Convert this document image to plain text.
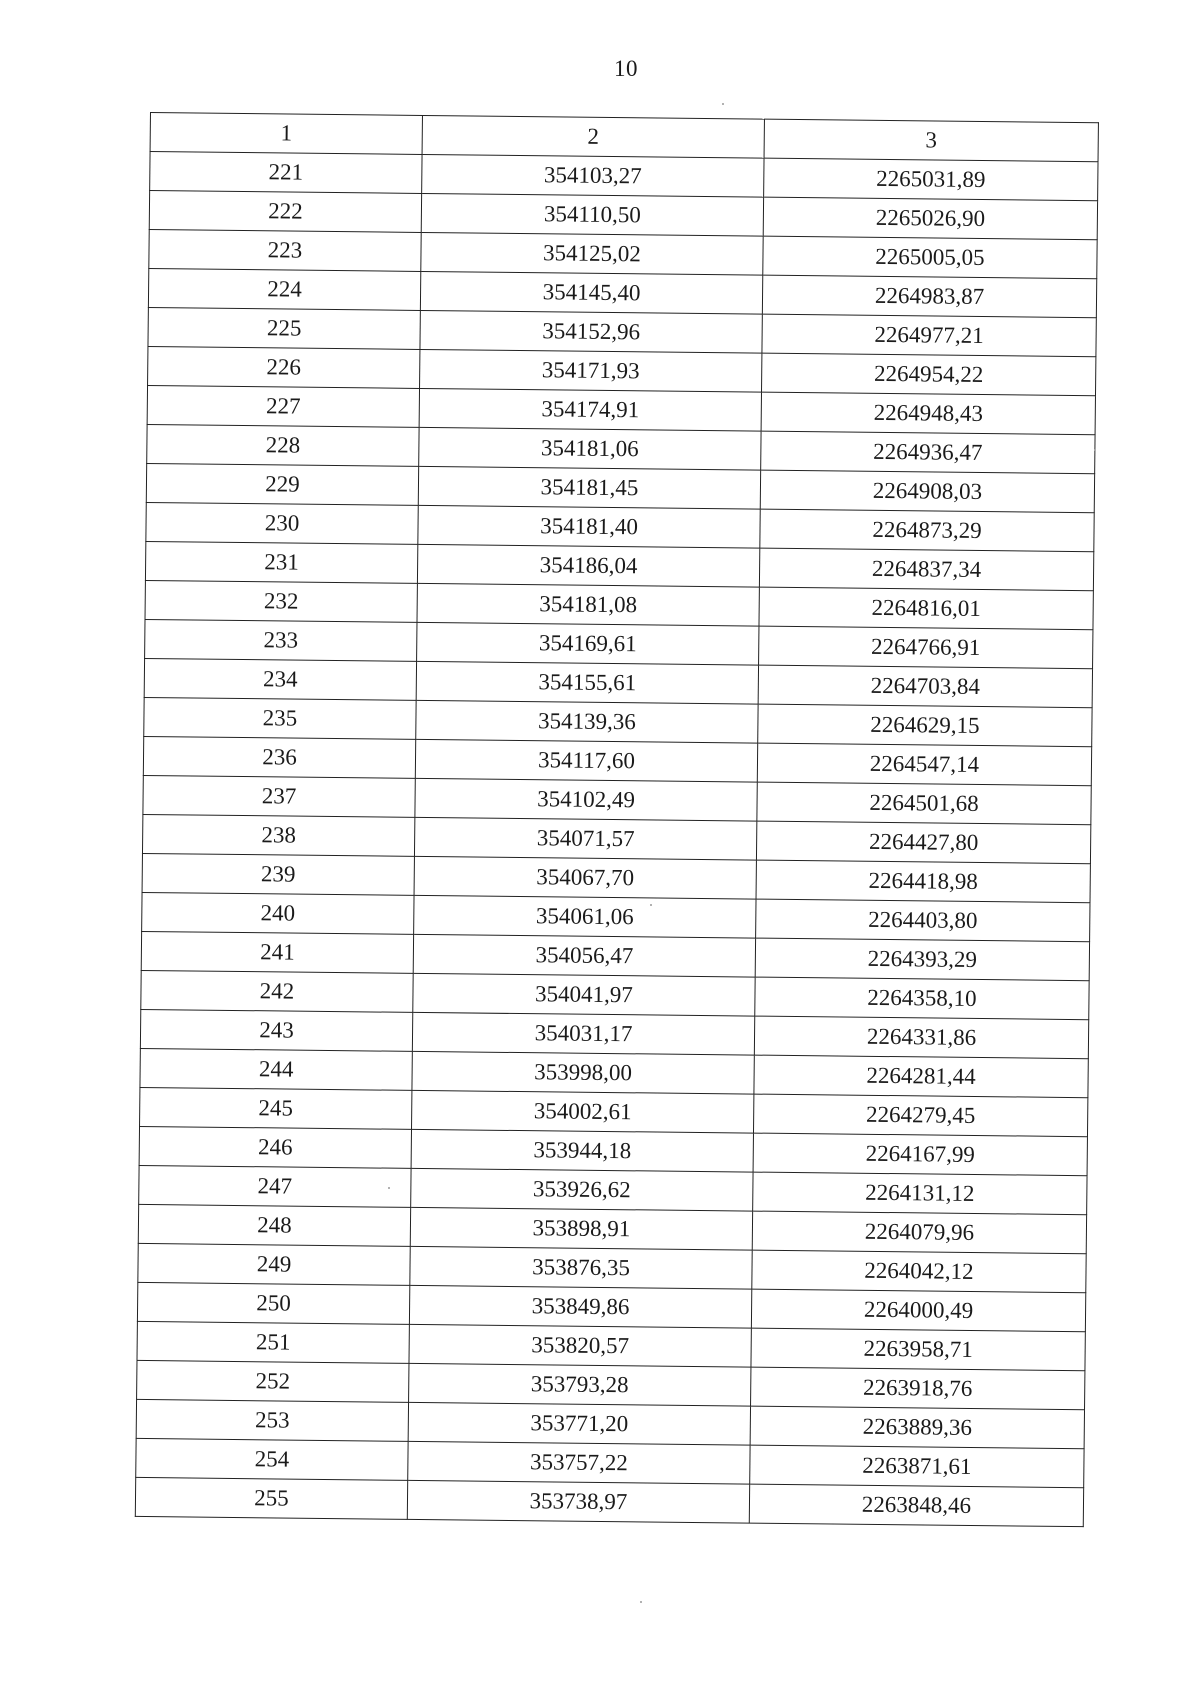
10
1	2	3
221	354103,27	2265031,89
222	354110,50	2265026,90
223	354125,02	2265005,05
224	354145,40	2264983,87
225	354152,96	2264977,21
226	354171,93	2264954,22
227	354174,91	2264948,43
228	354181,06	2264936,47
229	354181,45	2264908,03
230	354181,40	2264873,29
231	354186,04	2264837,34
232	354181,08	2264816,01
233	354169,61	2264766,91
234	354155,61	2264703,84
235	354139,36	2264629,15
236	354117,60	2264547,14
237	354102,49	2264501,68
238	354071,57	2264427,80
239	354067,70	2264418,98
240	354061,06	2264403,80
241	354056,47	2264393,29
242	354041,97	2264358,10
243	354031,17	2264331,86
244	353998,00	2264281,44
245	354002,61	2264279,45
246	353944,18	2264167,99
247	353926,62	2264131,12
248	353898,91	2264079,96
249	353876,35	2264042,12
250	353849,86	2264000,49
251	353820,57	2263958,71
252	353793,28	2263918,76
253	353771,20	2263889,36
254	353757,22	2263871,61
255	353738,97	2263848,46
